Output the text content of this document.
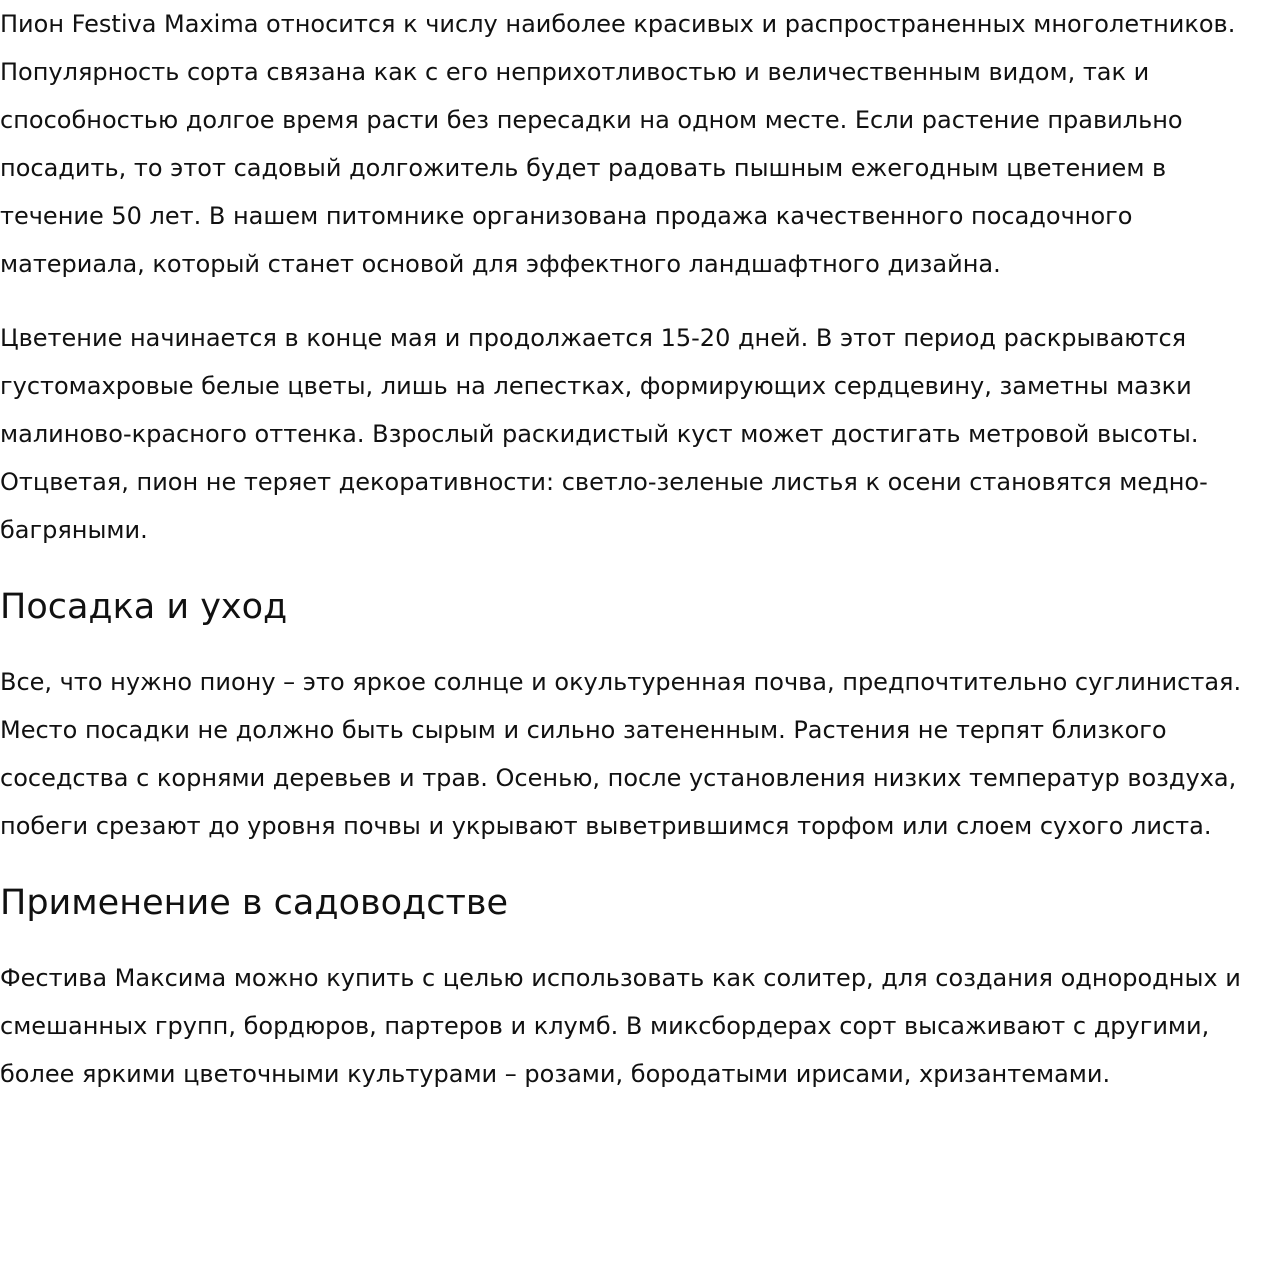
Пион Festiva Maxima относится к числу наиболее красивых и распространенных многолетников. Популярность сорта связана как с его неприхотливостью и величественным видом, так и способностью долгое время расти без пересадки на одном месте. Если растение правильно посадить, то этот садовый долгожитель будет радовать пышным ежегодным цветением в течение 50 лет. В нашем питомнике организована продажа качественного посадочного материала, который станет основой для эффектного ландшафтного дизайна.

Цветение начинается в конце мая и продолжается 15-20 дней. В этот период раскрываются густомахровые белые цветы, лишь на лепестках, формирующих сердцевину, заметны мазки малиново-красного оттенка. Взрослый раскидистый куст может достигать метровой высоты. Отцветая, пион не теряет декоративности: светло-зеленые листья к осени становятся медно-багряными.

Посадка и уход

Все, что нужно пиону – это яркое солнце и окультуренная почва, предпочтительно суглинистая. Место посадки не должно быть сырым и сильно затененным. Растения не терпят близкого соседства с корнями деревьев и трав. Осенью, после установления низких температур воздуха, побеги срезают до уровня почвы и укрывают выветрившимся торфом или слоем сухого листа.

Применение в садоводстве

Фестива Максима можно купить с целью использовать как солитер, для создания однородных и смешанных групп, бордюров, партеров и клумб. В миксбордерах сорт высаживают с другими, более яркими цветочными культурами – розами, бородатыми ирисами, хризантемами.
